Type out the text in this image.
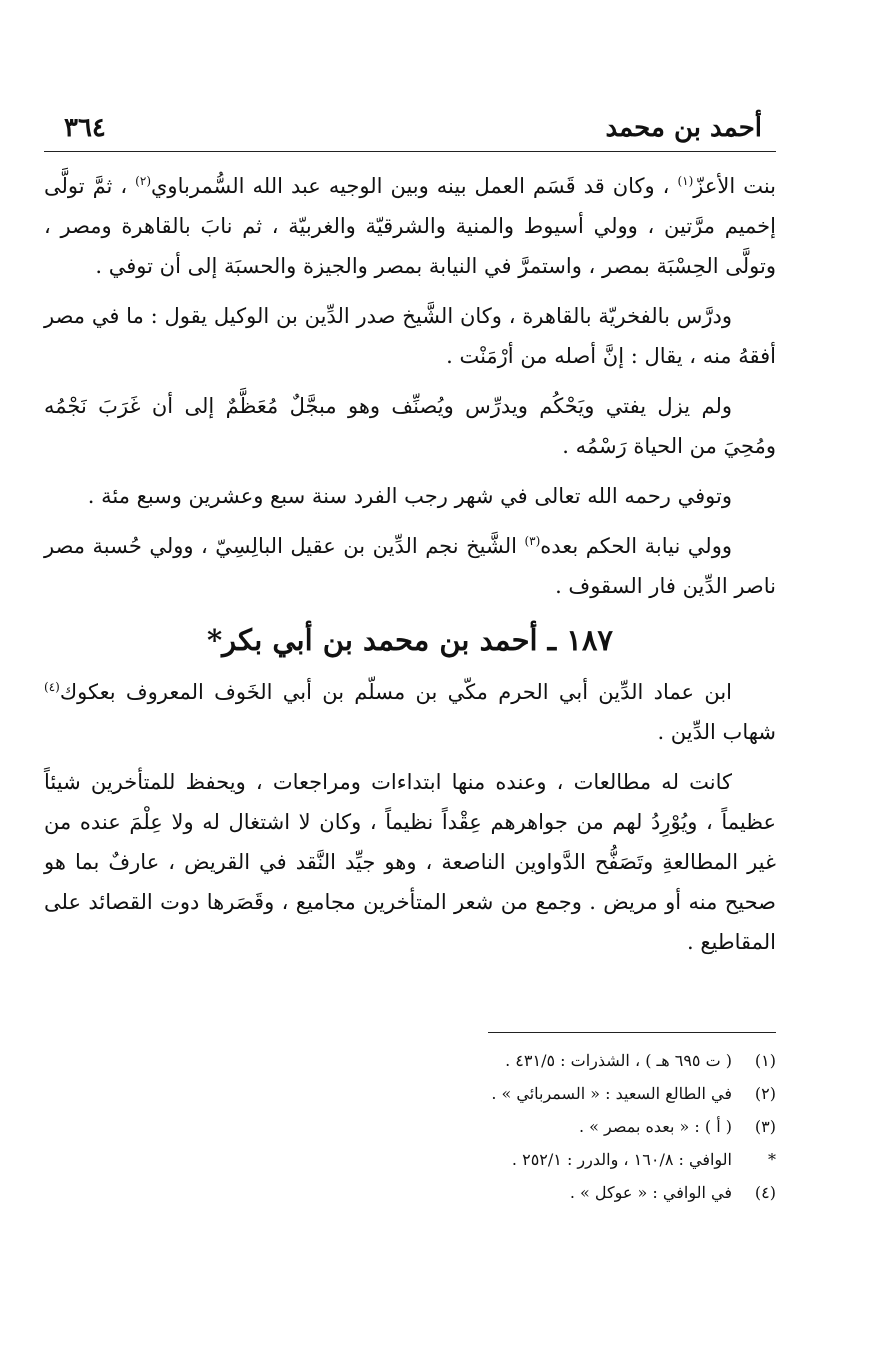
أحمد بن محمد
٣٦٤

بنت الأعزّ$^{(١)}$ ، وكان قد قَسَم العمل بينه وبين الوجيه عبد الله السُّمرباوي$^{(٢)}$ ، ثمَّ تولَّى إخميم مرَّتين ، وولي أسيوط والمنية والشرقيّة والغربيّة ، ثم نابَ بالقاهرة ومصر ، وتولَّى الحِسْبَة بمصر ، واستمرَّ في النيابة بمصر والجيزة والحسبَة إلى أن توفي .

ودرَّس بالفخريّة بالقاهرة ، وكان الشَّيخ صدر الدِّين بن الوكيل يقول : ما في مصر أفقهُ منه ، يقال : إنَّ أصله من أرْمَنْت .

ولم يزل يفتي ويَحْكُم ويدرِّس ويُصنِّف وهو مبجَّلٌ مُعَظَّمٌ إلى أن غَرَبَ نَجْمُه ومُحِيَ من الحياة رَسْمُه .

وتوفي رحمه الله تعالى في شهر رجب الفرد سنة سبع وعشرين وسبع مئة .

وولي نيابة الحكم بعده$^{(٣)}$ الشَّيخ نجم الدِّين بن عقيل البالِسِيّ ، وولي حُسبة مصر ناصر الدِّين فار السقوف .

١٨٧ ـ أحمد بن محمد بن أبي بكر*

ابن عماد الدِّين أبي الحرم مكّي بن مسلّم بن أبي الخَوف المعروف بعكوك$^{(٤)}$ شهاب الدِّين .

كانت له مطالعات ، وعنده منها ابتداءات ومراجعات ، ويحفظ للمتأخرين شيئاً عظيماً ، ويُوْرِدُ لهم من جواهرهم عِقْداً نظيماً ، وكان لا اشتغال له ولا عِلْمَ عنده من غير المطالعةِ وتَصَفُّح الدَّواوين الناصعة ، وهو جيِّد النَّقد في القريض ، عارفٌ بما هو صحيح منه أو مريض . وجمع من شعر المتأخرين مجاميع ، وقَصَرها دوت القصائد على المقاطيع .

(١)( ت ٦٩٥ هـ ) ، الشذرات : ٤٣١/٥ .
(٢)في الطالع السعيد : « السمربائي » .
(٣)( أ ) : « بعده بمصر » .
*الوافي : ١٦٠/٨ ، والدرر : ٢٥٢/١ .
(٤)في الوافي : « عوكل » .
